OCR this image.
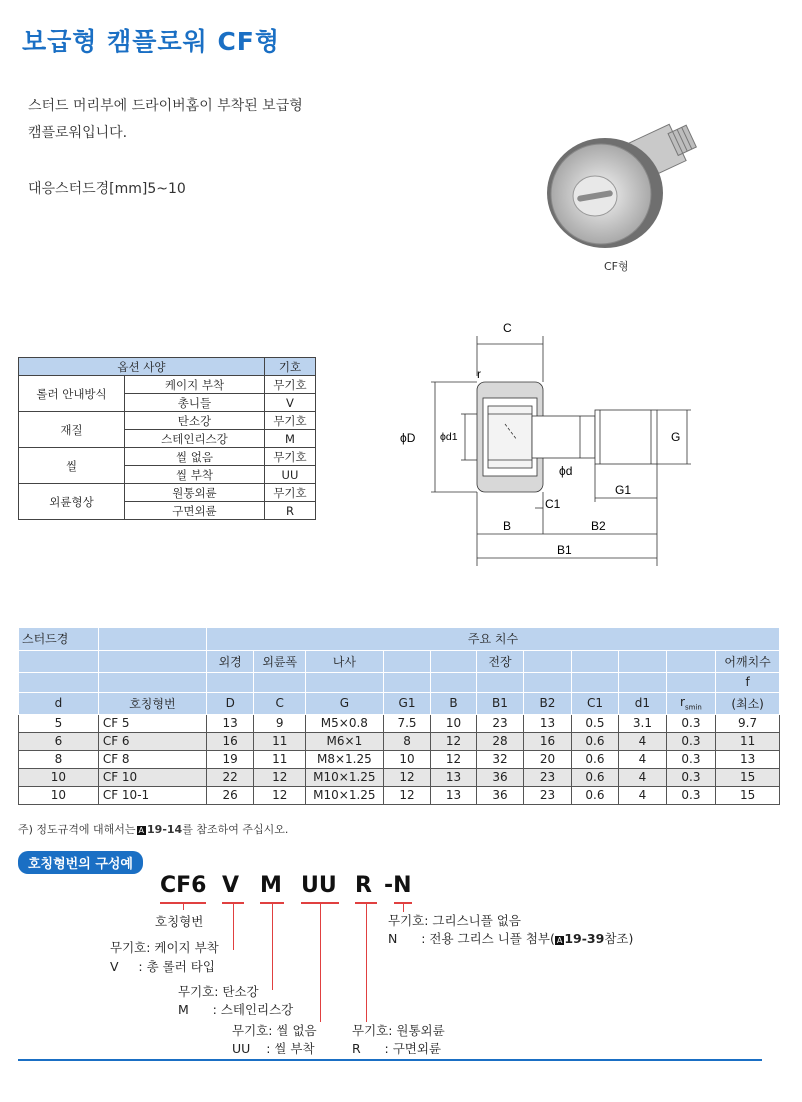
보급형 캠플로워 CF형
스터드 머리부에 드라이버홈이 부착된 보급형
캠플로워입니다.
대응스터드경[mm]5~10
CF형
옵션 사양		기호
롤러 안내방식	케이지 부착	무기호
	총니들	V
재질	탄소강	무기호
	스테인리스강	M
씰	씰 없음	무기호
	씰 부착	UU
외륜형상	원통외륜	무기호
	구면외륜	R
C
r
ϕD ϕd1	G
ϕd
G1
C1
B	B2
B1
스터드경		주요 치수										
		외경	외륜폭	나사			전장					어깨치수
												f
d	호칭형번	D	C	G	G1	B	B1	B2	C1	d1	$r_{smin}$	(최소)
5	CF 5	13	9	M5×0.8	7.5	10	23	13	0.5	3.1	0.3	9.7
6	CF 6	16	11	M6×1	8	12	28	16	0.6	4	0.3	11
8	CF 8	19	11	M8×1.25	10	12	32	20	0.6	4	0.3	13
10	CF 10	22	12	M10×1.25	12	13	36	23	0.6	4	0.3	15
10	CF 10-1	26	12	M10×1.25	12	13	36	23	0.6	4	0.3	15
주) 정도규격에 대해서는 A 19-14를 참조하여 주십시오.
호칭형번의 구성예
CF6 V M UU R -N
호칭형번
무기호: 케이지 부착
V     : 총 롤러 타입
무기호: 탄소강
M      : 스테인리스강
무기호: 씰 없음
UU    : 씰 부착
무기호: 원통외륜
R      : 구면외륜
무기호: 그리스니플 없음
N      : 전용 그리스 니플 첨부( A 19-39참조)
